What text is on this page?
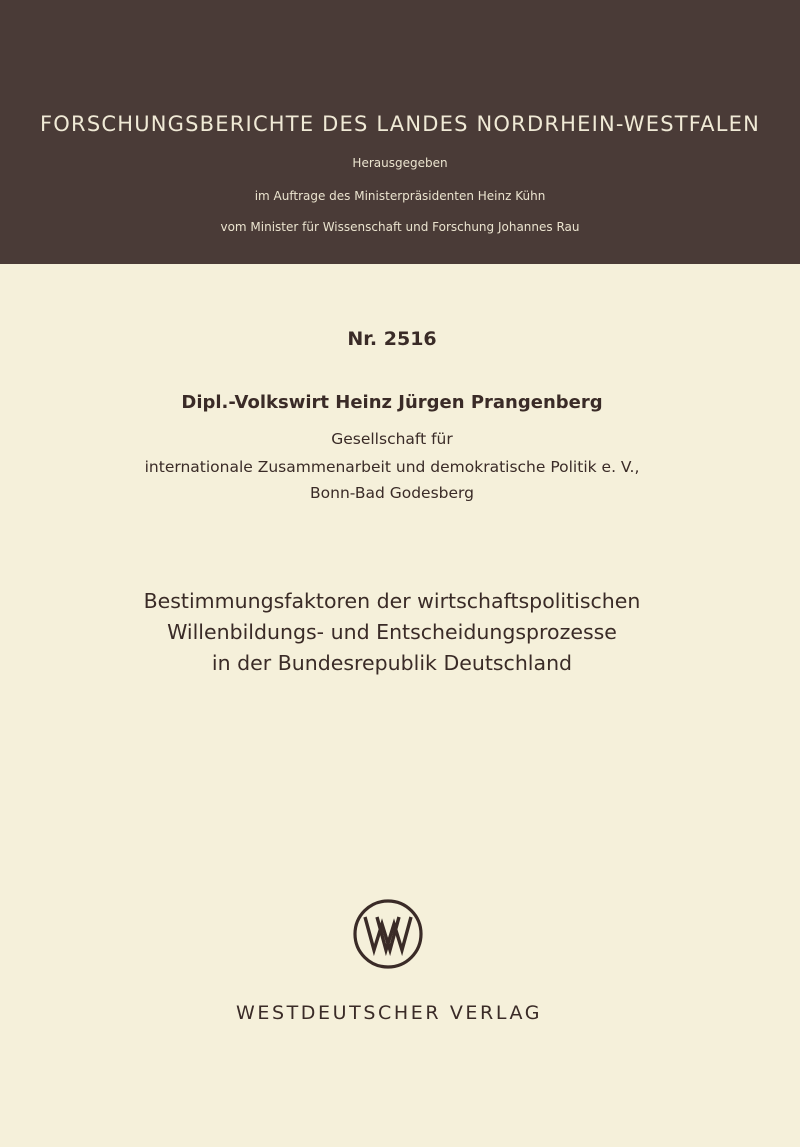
FORSCHUNGSBERICHTE DES LANDES NORDRHEIN-WESTFALEN
Herausgegeben
im Auftrage des Ministerpräsidenten Heinz Kühn
vom Minister für Wissenschaft und Forschung Johannes Rau
Nr. 2516
Dipl.-Volkswirt Heinz Jürgen Prangenberg
Gesellschaft für
internationale Zusammenarbeit und demokratische Politik e. V.,
Bonn-Bad Godesberg
Bestimmungsfaktoren der wirtschaftspolitischen
Willenbildungs- und Entscheidungsprozesse
in der Bundesrepublik Deutschland
WESTDEUTSCHER VERLAG
